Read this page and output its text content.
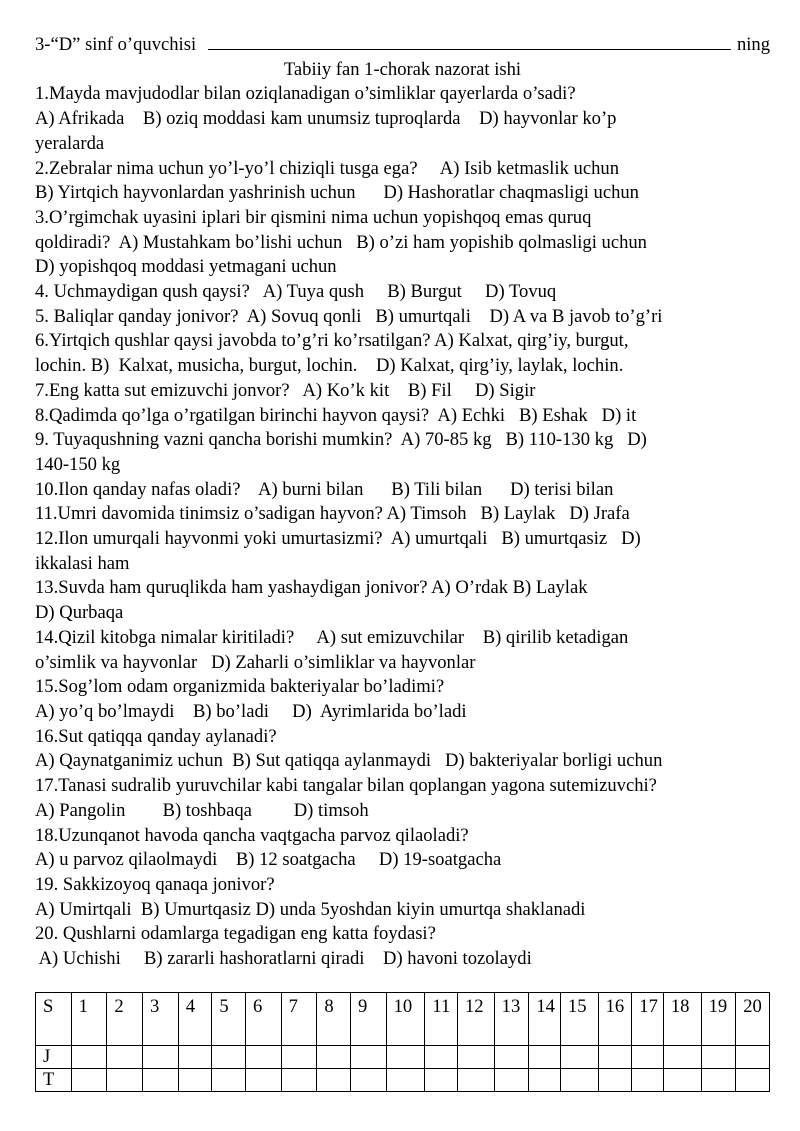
3-“D” sinf o’quvchisi	ning
Tabiiy fan 1-chorak nazorat ishi
1.Mayda mavjudodlar bilan oziqlanadigan o’simliklar qayerlarda o’sadi?
A) Afrikada    B) oziq moddasi kam unumsiz tuproqlarda    D) hayvonlar ko’p
yeralarda
2.Zebralar nima uchun yo’l-yo’l chiziqli tusga ega?     A) Isib ketmaslik uchun
B) Yirtqich hayvonlardan yashrinish uchun      D) Hashoratlar chaqmasligi uchun
3.O’rgimchak uyasini iplari bir qismini nima uchun yopishqoq emas quruq
qoldiradi?  A) Mustahkam bo’lishi uchun   B) o’zi ham yopishib qolmasligi uchun
D) yopishqoq moddasi yetmagani uchun
4. Uchmaydigan qush qaysi?   A) Tuya qush     B) Burgut     D) Tovuq
5. Baliqlar qanday jonivor?  A) Sovuq qonli   B) umurtqali    D) A va B javob to’g’ri
6.Yirtqich qushlar qaysi javobda to’g’ri ko’rsatilgan? A) Kalxat, qirg’iy, burgut,
lochin. B)  Kalxat, musicha, burgut, lochin.    D) Kalxat, qirg’iy, laylak, lochin.
7.Eng katta sut emizuvchi jonvor?   A) Ko’k kit    B) Fil     D) Sigir
8.Qadimda qo’lga o’rgatilgan birinchi hayvon qaysi?  A) Echki   B) Eshak   D) it
9. Tuyaqushning vazni qancha borishi mumkin?  A) 70-85 kg   B) 110-130 kg   D)
140-150 kg
10.Ilon qanday nafas oladi?    A) burni bilan      B) Tili bilan      D) terisi bilan
11.Umri davomida tinimsiz o’sadigan hayvon? A) Timsoh   B) Laylak   D) Jrafa
12.Ilon umurqali hayvonmi yoki umurtasizmi?  A) umurtqali   B) umurtqasiz   D)
ikkalasi ham
13.Suvda ham quruqlikda ham yashaydigan jonivor? A) O’rdak B) Laylak
D) Qurbaqa
14.Qizil kitobga nimalar kiritiladi?     A) sut emizuvchilar    B) qirilib ketadigan
o’simlik va hayvonlar   D) Zaharli o’simliklar va hayvonlar
15.Sog’lom odam organizmida bakteriyalar bo’ladimi?
A) yo’q bo’lmaydi    B) bo’ladi     D)  Ayrimlarida bo’ladi
16.Sut qatiqqa qanday aylanadi?
A) Qaynatganimiz uchun  B) Sut qatiqqa aylanmaydi   D) bakteriyalar borligi uchun
17.Tanasi sudralib yuruvchilar kabi tangalar bilan qoplangan yagona sutemizuvchi?
A) Pangolin        B) toshbaqa         D) timsoh
18.Uzunqanot havoda qancha vaqtgacha parvoz qilaoladi?
A) u parvoz qilaolmaydi    B) 12 soatgacha     D) 19-soatgacha
19. Sakkizoyoq qanaqa jonivor?
A) Umirtqali  B) Umurtqasiz D) unda 5yoshdan kiyin umurtqa shaklanadi
20. Qushlarni odamlarga tegadigan eng katta foydasi?
A) Uchishi     B) zararli hashoratlarni qiradi    D) havoni tozolaydi
S	1	2	3	4	5	6	7	8	9	10	11	12	13	14	15	16	17	18	19	20
J																				
T																				
